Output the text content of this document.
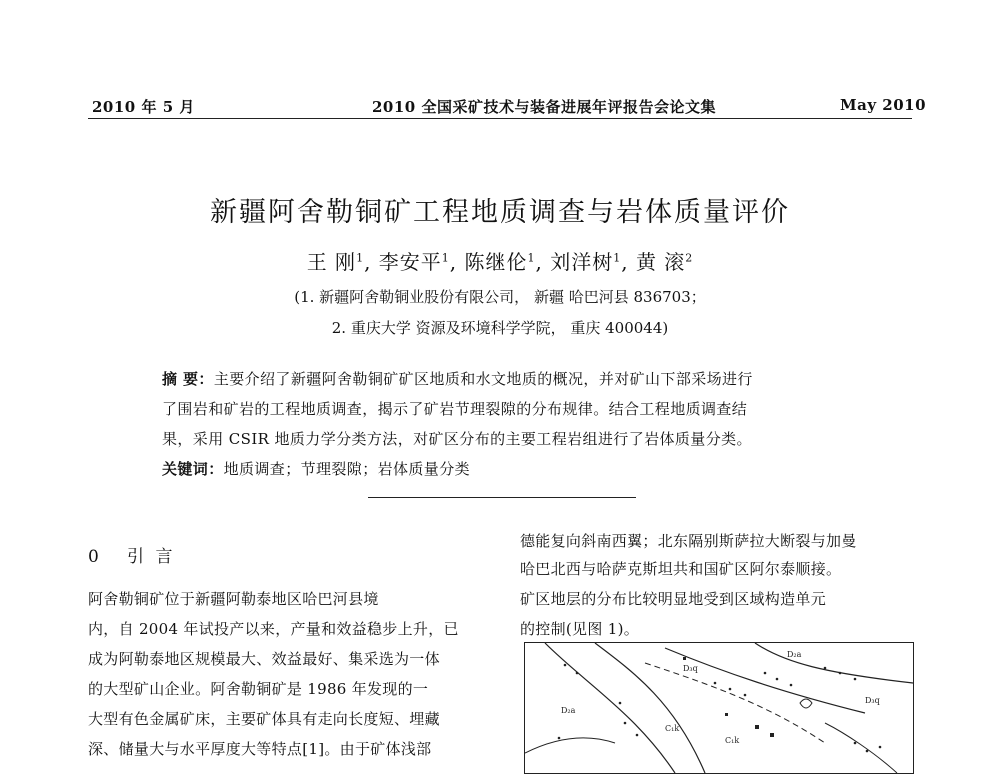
2010 年 5 月	2010 全国采矿技术与装备进展年评报告会论文集	May 2010
新疆阿舍勒铜矿工程地质调查与岩体质量评价
王 刚$^1$, 李安平$^1$, 陈继伦$^1$, 刘洋树$^1$, 黄 滚$^2$
(1. 新疆阿舍勒铜业股份有限公司， 新疆 哈巴河县 836703；
2. 重庆大学 资源及环境科学学院， 重庆 400044)
摘 要：主要介绍了新疆阿舍勒铜矿矿区地质和水文地质的概况，并对矿山下部采场进行
了围岩和矿岩的工程地质调查，揭示了矿岩节理裂隙的分布规律。结合工程地质调查结
果，采用 CSIR 地质力学分类方法，对矿区分布的主要工程岩组进行了岩体质量分类。
关键词：地质调查；节理裂隙；岩体质量分类
0 引 言
阿舍勒铜矿位于新疆阿勒泰地区哈巴河县境
内，自 2004 年试投产以来，产量和效益稳步上升，已
成为阿勒泰地区规模最大、效益最好、集采选为一体
的大型矿山企业。阿舍勒铜矿是 1986 年发现的一
大型有色金属矿床，主要矿体具有走向长度短、埋藏
深、储量大与水平厚度大等特点[1]。由于矿体浅部
德能复向斜南西翼；北东隔别斯萨拉大断裂与加曼
哈巴北西与哈萨克斯坦共和国矿区阿尔泰顺接。
矿区地层的分布比较明显地受到区域构造单元
的控制(见图 1)。
D₂a
D₃q
C₁k
D₂a
C₁k
D₃q
